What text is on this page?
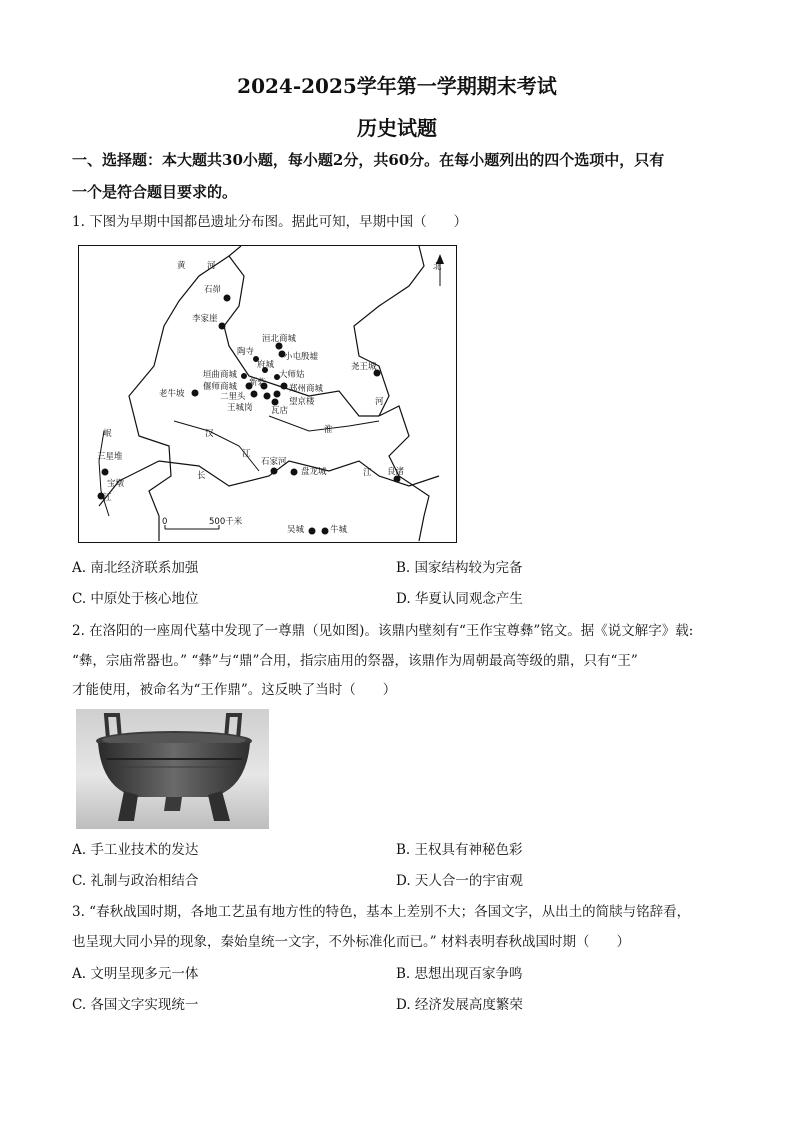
2024-2025学年第一学期期末考试
历史试题
一、选择题：本大题共30小题，每小题2分，共60分。在每小题列出的四个选项中，只有
一个是符合题目要求的。
1. 下图为早期中国都邑遗址分布图。据此可知，早期中国（　　）
黄	河
石峁
李家崖
洹北商城
小屯殷墟
陶寺
府城
垣曲商城	大师姑
偃师商城 新砦
郑州商城
老牛坡	二里头	望京楼
王城岗 瓦店
尧王城
河
淮
汉
江
岷
三星堆
宝墩
江
石家河
盘龙城
长	江 良渚
吴城	牛城
北
0	500千米
A. 南北经济联系加强	B. 国家结构较为完备
C. 中原处于核心地位	D. 华夏认同观念产生
2. 在洛阳的一座周代墓中发现了一尊鼎（见如图)。该鼎内壁刻有“王作宝尊彝”铭文。据《说文解字》载:
“彝，宗庙常器也。” “彝”与“鼎”合用，指宗庙用的祭器，该鼎作为周朝最高等级的鼎，只有“王”
才能使用，被命名为“王作鼎”。这反映了当时（　　）
A. 手工业技术的发达	B. 王权具有神秘色彩
C. 礼制与政治相结合	D. 天人合一的宇宙观
3. “春秋战国时期，各地工艺虽有地方性的特色，基本上差别不大；各国文字，从出土的简牍与铭辞看，
也呈现大同小异的现象，秦始皇统一文字，不外标准化而已。” 材料表明春秋战国时期（　　）
A. 文明呈现多元一体	B. 思想出现百家争鸣
C. 各国文字实现统一	D. 经济发展高度繁荣
